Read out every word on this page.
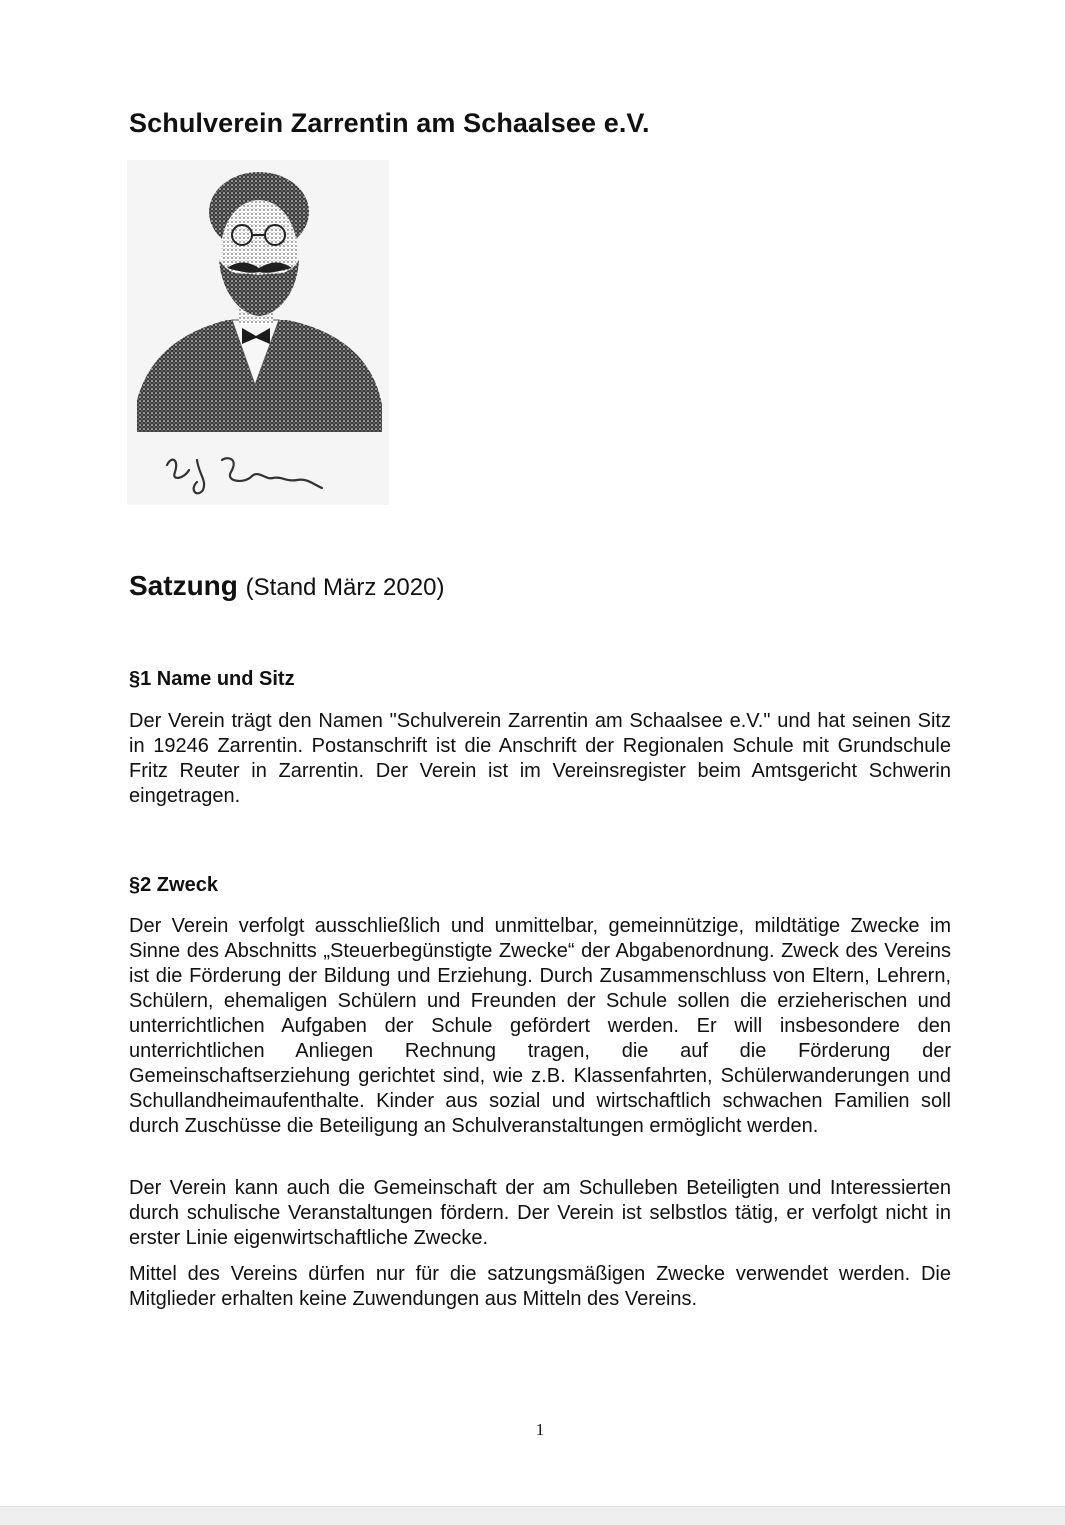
Schulverein Zarrentin am Schaalsee e.V.
Satzung (Stand März 2020)
§1 Name und Sitz

Der Verein trägt den Namen "Schulverein Zarrentin am Schaalsee e.V." und hat seinen Sitz in 19246 Zarrentin. Postanschrift ist die Anschrift der Regionalen Schule mit Grundschule Fritz Reuter in Zarrentin. Der Verein ist im Vereinsregister beim Amtsgericht Schwerin eingetragen.

§2 Zweck

Der Verein verfolgt ausschließlich und unmittelbar, gemeinnützige, mildtätige Zwecke im Sinne des Abschnitts „Steuerbegünstigte Zwecke“ der Abgabenordnung. Zweck des Vereins ist die Förderung der Bildung und Erziehung. Durch Zusammenschluss von Eltern, Lehrern, Schülern, ehemaligen Schülern und Freunden der Schule sollen die erzieherischen und unterrichtlichen Aufgaben der Schule gefördert werden. Er will insbesondere den unterrichtlichen Anliegen Rechnung tragen, die auf die Förderung der Gemeinschaftserziehung gerichtet sind, wie z.B. Klassenfahrten, Schülerwanderungen und Schullandheimaufenthalte. Kinder aus sozial und wirtschaftlich schwachen Familien soll durch Zuschüsse die Beteiligung an Schulveranstaltungen ermöglicht werden.

Der Verein kann auch die Gemeinschaft der am Schulleben Beteiligten und Interessierten durch schulische Veranstaltungen fördern. Der Verein ist selbstlos tätig, er verfolgt nicht in erster Linie eigenwirtschaftliche Zwecke.

Mittel des Vereins dürfen nur für die satzungsmäßigen Zwecke verwendet werden. Die Mitglieder erhalten keine Zuwendungen aus Mitteln des Vereins.

1
